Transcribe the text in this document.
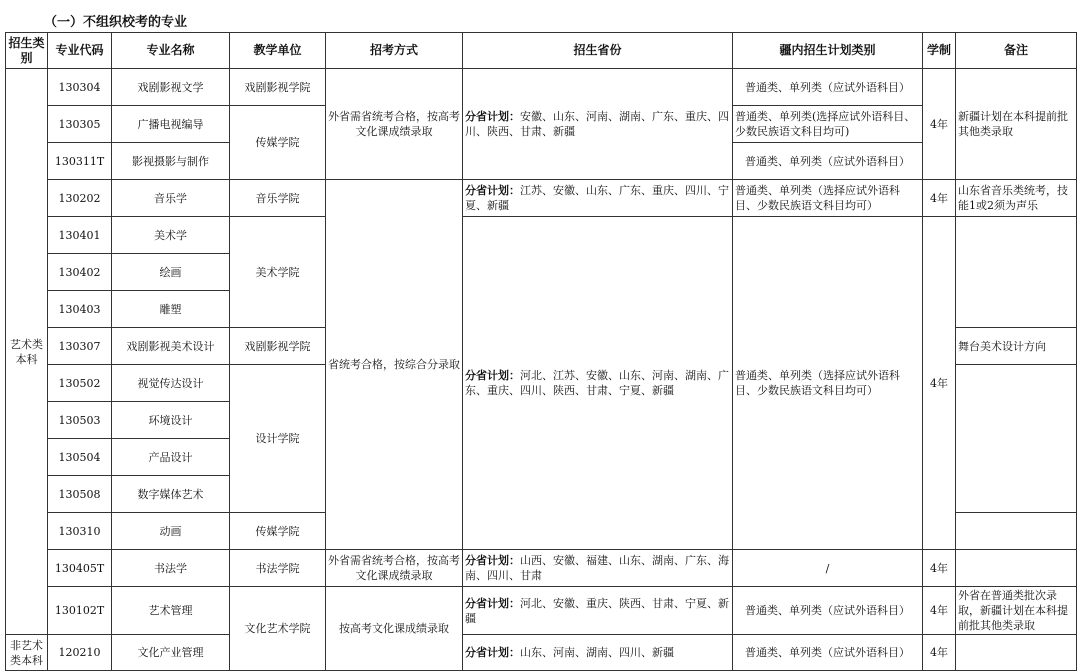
（一）不组织校考的专业
招生类别	专业代码	专业名称	教学单位	招考方式	招生省份	疆内招生计划类别	学制	备注
艺术类本科	130304	戏剧影视文学	戏剧影视学院	外省需省统考合格，按高考文化课成绩录取	分省计划：安徽、山东、河南、湖南、广东、重庆、四川、陕西、甘肃、新疆	普通类、单列类（应试外语科目）	4年	新疆计划在本科提前批其他类录取
	130305	广播电视编导	传媒学院			普通类、单列类(选择应试外语科目、少数民族语文科目均可)		
	130311T	影视摄影与制作				普通类、单列类（应试外语科目）		
	130202	音乐学	音乐学院	省统考合格，按综合分录取	分省计划：江苏、安徽、山东、广东、重庆、四川、宁夏、新疆	普通类、单列类（选择应试外语科目、少数民族语文科目均可）	4年	山东省音乐类统考，技能1或2须为声乐
	130401	美术学	美术学院		分省计划：河北、江苏、安徽、山东、河南、湖南、广东、重庆、四川、陕西、甘肃、宁夏、新疆	普通类、单列类（选择应试外语科目、少数民族语文科目均可）	4年	
	130402	绘画						
	130403	雕塑						
	130307	戏剧影视美术设计	戏剧影视学院					舞台美术设计方向
	130502	视觉传达设计	设计学院					
	130503	环境设计						
	130504	产品设计						
	130508	数字媒体艺术						
	130310	动画	传媒学院					
	130405T	书法学	书法学院	外省需省统考合格，按高考文化课成绩录取	分省计划：山西、安徽、福建、山东、湖南、广东、海南、四川、甘肃	/	4年	
	130102T	艺术管理	文化艺术学院	按高考文化课成绩录取	分省计划：河北、安徽、重庆、陕西、甘肃、宁夏、新疆	普通类、单列类（应试外语科目）	4年	外省在普通类批次录取，新疆计划在本科提前批其他类录取
非艺术类本科	120210	文化产业管理			分省计划：山东、河南、湖南、四川、新疆	普通类、单列类（应试外语科目）	4年	
